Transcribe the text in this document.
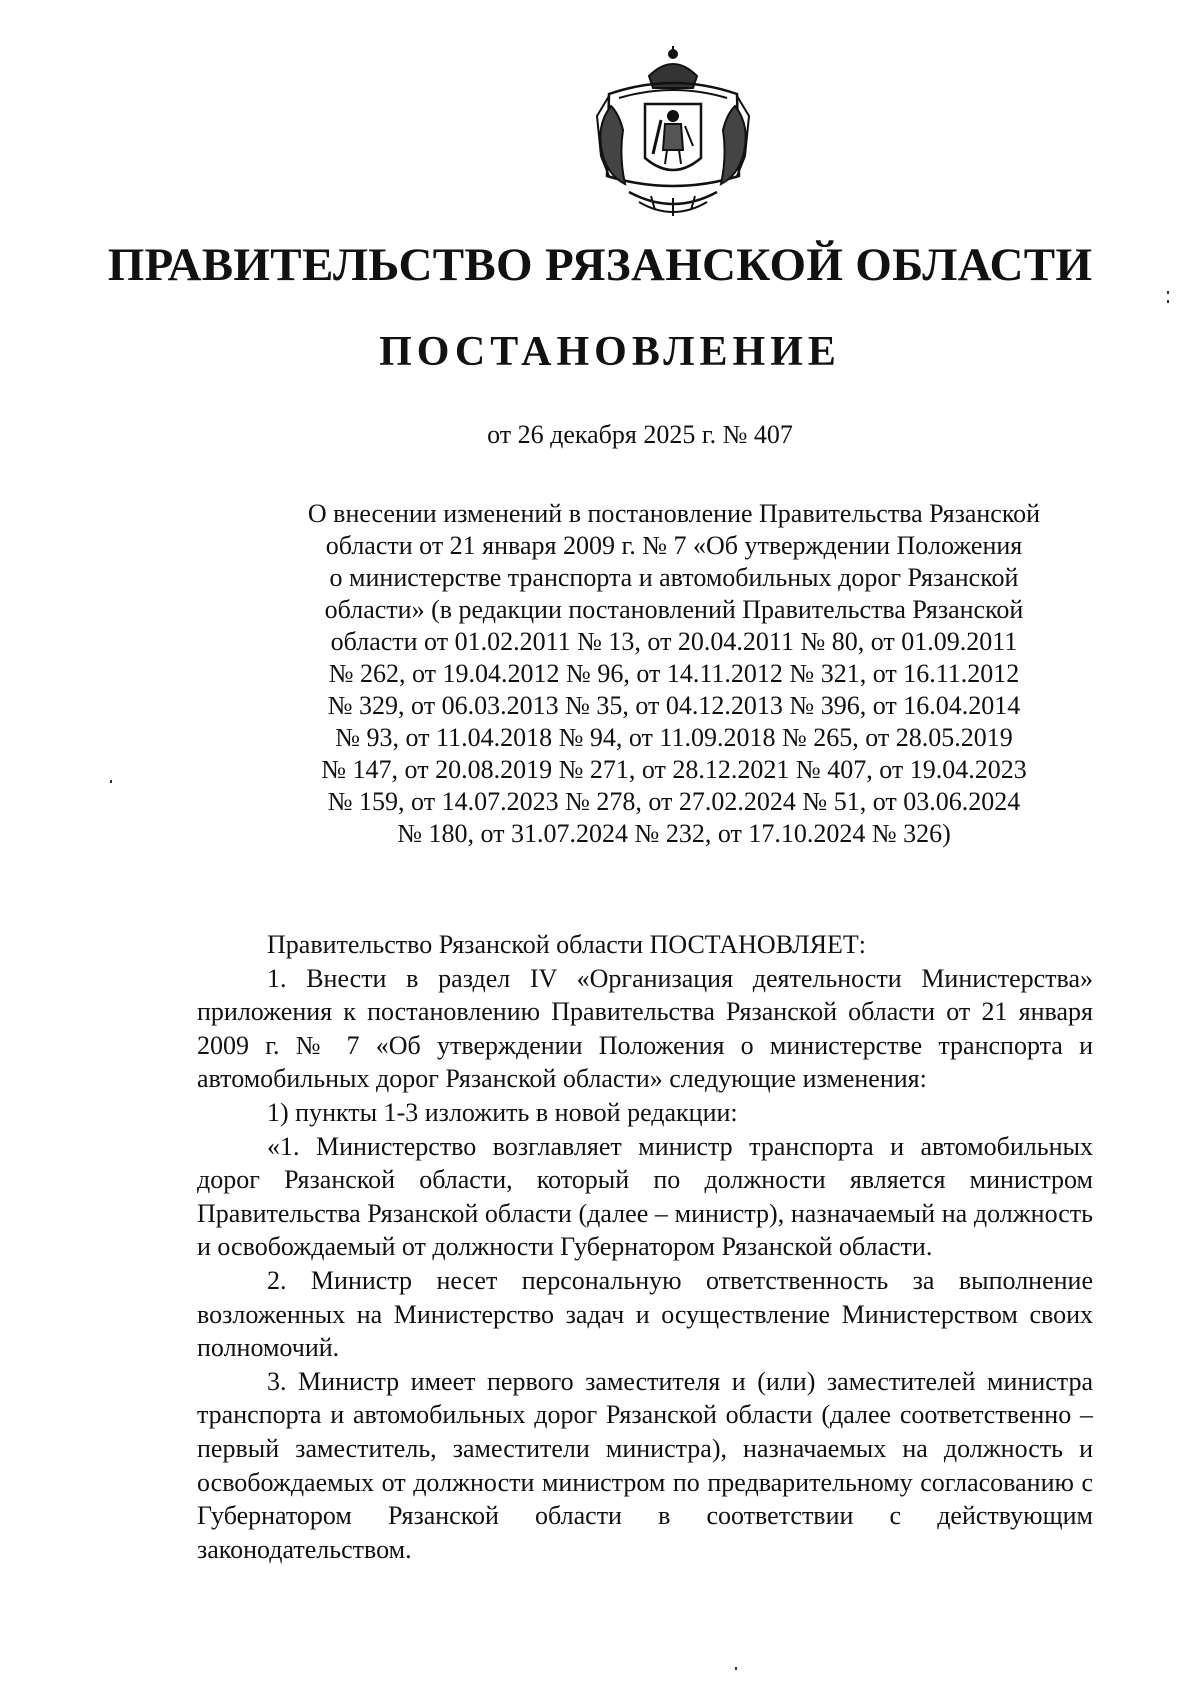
ПРАВИТЕЛЬСТВО РЯЗАНСКОЙ ОБЛАСТИ
ПОСТАНОВЛЕНИЕ
от 26 декабря 2025 г. № 407
О внесении изменений в постановление Правительства Рязанской
области от 21 января 2009 г. № 7 «Об утверждении Положения
о министерстве транспорта и автомобильных дорог Рязанской
области» (в редакции постановлений Правительства Рязанской
области от 01.02.2011 № 13, от 20.04.2011 № 80, от 01.09.2011
№ 262, от 19.04.2012 № 96, от 14.11.2012 № 321, от 16.11.2012
№ 329, от 06.03.2013 № 35, от 04.12.2013 № 396, от 16.04.2014
№ 93, от 11.04.2018 № 94, от 11.09.2018 № 265, от 28.05.2019
№ 147, от 20.08.2019 № 271, от 28.12.2021 № 407, от 19.04.2023
№ 159, от 14.07.2023 № 278, от 27.02.2024 № 51, от 03.06.2024
№ 180, от 31.07.2024 № 232, от 17.10.2024 № 326)

Правительство Рязанской области ПОСТАНОВЛЯЕТ:

1. Внести в раздел IV «Организация деятельности Министерства» приложения к постановлению Правительства Рязанской области от 21 января 2009 г. № 7 «Об утверждении Положения о министерстве транспорта и автомобильных дорог Рязанской области» следующие изменения:

1) пункты 1-3 изложить в новой редакции:

«1. Министерство возглавляет министр транспорта и автомобильных дорог Рязанской области, который по должности является министром Правительства Рязанской области (далее – министр), назначаемый на должность и освобождаемый от должности Губернатором Рязанской области.

2. Министр несет персональную ответственность за выполнение возложенных на Министерство задач и осуществление Министерством своих полномочий.

3. Министр имеет первого заместителя и (или) заместителей министра транспорта и автомобильных дорог Рязанской области (далее соответственно – первый заместитель, заместители министра), назначаемых на должность и освобождаемых от должности министром по предварительному согласованию с Губернатором Рязанской области в соответствии с действующим законодательством.
